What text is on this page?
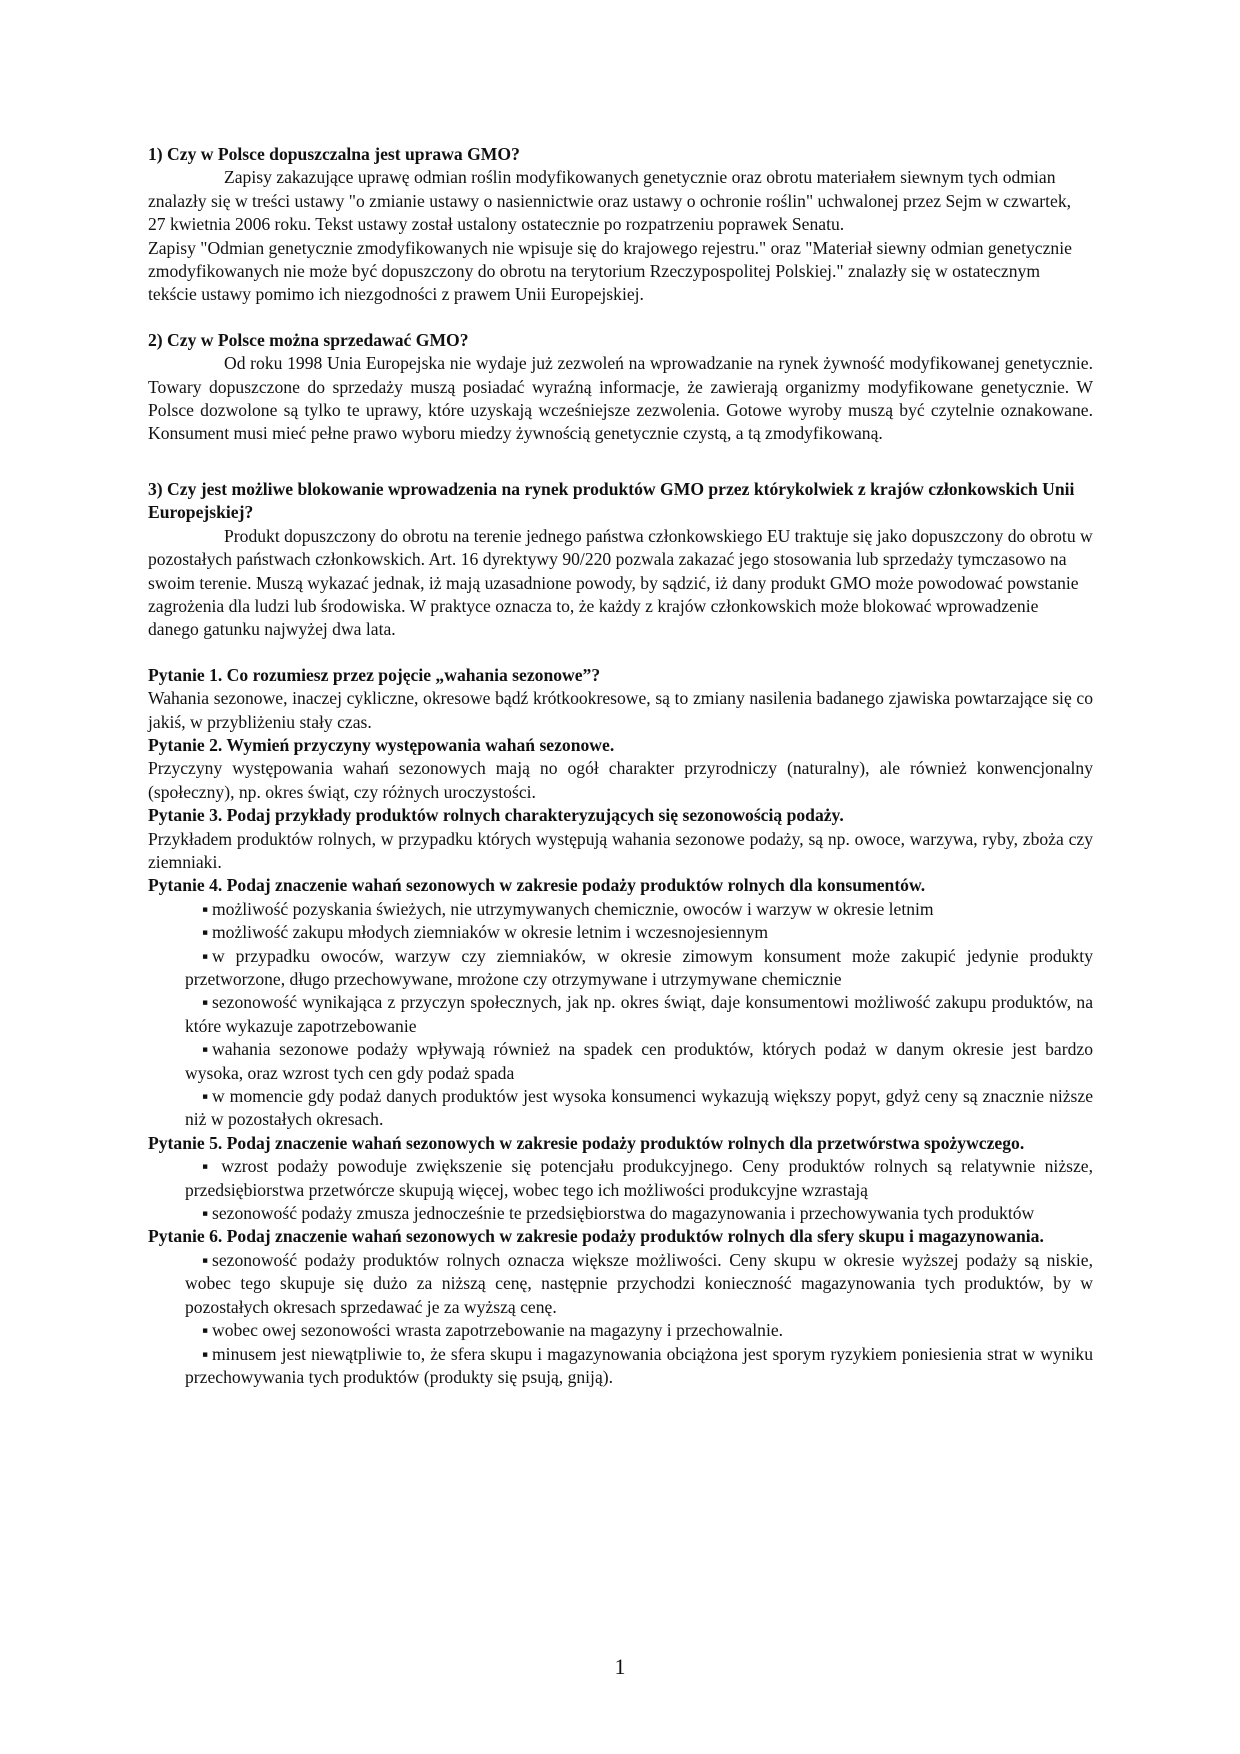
1) Czy w Polsce dopuszczalna jest uprawa GMO?

Zapisy zakazujące uprawę odmian roślin modyfikowanych genetycznie oraz obrotu materiałem siewnym tych odmian znalazły się w treści ustawy "o zmianie ustawy o nasiennictwie oraz ustawy o ochronie roślin" uchwalonej przez Sejm w czwartek, 27 kwietnia 2006 roku. Tekst ustawy został ustalony ostatecznie po rozpatrzeniu poprawek Senatu.

Zapisy "Odmian genetycznie zmodyfikowanych nie wpisuje się do krajowego rejestru." oraz "Materiał siewny odmian genetycznie zmodyfikowanych nie może być dopuszczony do obrotu na terytorium Rzeczypospolitej Polskiej." znalazły się w ostatecznym tekście ustawy pomimo ich niezgodności z prawem Unii Europejskiej.

2) Czy w Polsce można sprzedawać GMO?

Od roku 1998 Unia Europejska nie wydaje już zezwoleń na wprowadzanie na rynek żywność modyfikowanej genetycznie. Towary dopuszczone do sprzedaży muszą posiadać wyraźną informacje, że zawierają organizmy modyfikowane genetycznie. W Polsce dozwolone są tylko te uprawy, które uzyskają wcześniejsze zezwolenia. Gotowe wyroby muszą być czytelnie oznakowane. Konsument musi mieć pełne prawo wyboru miedzy żywnością genetycznie czystą, a tą zmodyfikowaną.

3) Czy jest możliwe blokowanie wprowadzenia na rynek produktów GMO przez którykolwiek z krajów członkowskich Unii Europejskiej?

Produkt dopuszczony do obrotu na terenie jednego państwa członkowskiego EU traktuje się jako dopuszczony do obrotu w pozostałych państwach członkowskich. Art. 16 dyrektywy 90/220 pozwala zakazać jego stosowania lub sprzedaży tymczasowo na swoim terenie. Muszą wykazać jednak, iż mają uzasadnione powody, by sądzić, iż dany produkt GMO może powodować powstanie zagrożenia dla ludzi lub środowiska. W praktyce oznacza to, że każdy z krajów członkowskich może blokować wprowadzenie danego gatunku najwyżej dwa lata.

Pytanie 1. Co rozumiesz przez pojęcie „wahania sezonowe”?

Wahania sezonowe, inaczej cykliczne, okresowe bądź krótkookresowe, są to zmiany nasilenia badanego zjawiska powtarzające się co jakiś, w przybliżeniu stały czas.

Pytanie 2. Wymień przyczyny występowania wahań sezonowe.

Przyczyny występowania wahań sezonowych mają no ogół charakter przyrodniczy (naturalny), ale również konwencjonalny (społeczny), np. okres świąt, czy różnych uroczystości.

Pytanie 3. Podaj przykłady produktów rolnych charakteryzujących się sezonowością podaży.

Przykładem produktów rolnych, w przypadku których występują wahania sezonowe podaży, są np. owoce, warzywa, ryby, zboża czy ziemniaki.

Pytanie 4. Podaj znaczenie wahań sezonowych w zakresie podaży produktów rolnych dla konsumentów.

▪ możliwość pozyskania świeżych, nie utrzymywanych chemicznie, owoców i warzyw w okresie letnim

▪ możliwość zakupu młodych ziemniaków w okresie letnim i wczesnojesiennym

▪ w przypadku owoców, warzyw czy ziemniaków, w okresie zimowym konsument może zakupić jedynie produkty przetworzone, długo przechowywane, mrożone czy otrzymywane i utrzymywane chemicznie

▪ sezonowość wynikająca z przyczyn społecznych, jak np. okres świąt, daje konsumentowi możliwość zakupu produktów, na które wykazuje zapotrzebowanie

▪ wahania sezonowe podaży wpływają również na spadek cen produktów, których podaż w danym okresie jest bardzo wysoka, oraz wzrost tych cen gdy podaż spada

▪ w momencie gdy podaż danych produktów jest wysoka konsumenci wykazują większy popyt, gdyż ceny są znacznie niższe niż w pozostałych okresach.

Pytanie 5. Podaj znaczenie wahań sezonowych w zakresie podaży produktów rolnych dla przetwórstwa spożywczego.

▪ wzrost podaży powoduje zwiększenie się potencjału produkcyjnego. Ceny produktów rolnych są relatywnie niższe, przedsiębiorstwa przetwórcze skupują więcej, wobec tego ich możliwości produkcyjne wzrastają

▪ sezonowość podaży zmusza jednocześnie te przedsiębiorstwa do magazynowania i przechowywania tych produktów

Pytanie 6. Podaj znaczenie wahań sezonowych w zakresie podaży produktów rolnych dla sfery skupu i magazynowania.

▪ sezonowość podaży produktów rolnych oznacza większe możliwości. Ceny skupu w okresie wyższej podaży są niskie, wobec tego skupuje się dużo za niższą cenę, następnie przychodzi konieczność magazynowania tych produktów, by w pozostałych okresach sprzedawać je za wyższą cenę.

▪ wobec owej sezonowości wrasta zapotrzebowanie na magazyny i przechowalnie.

▪ minusem jest niewątpliwie to, że sfera skupu i magazynowania obciążona jest sporym ryzykiem poniesienia strat w wyniku przechowywania tych produktów (produkty się psują, gniją).

1
